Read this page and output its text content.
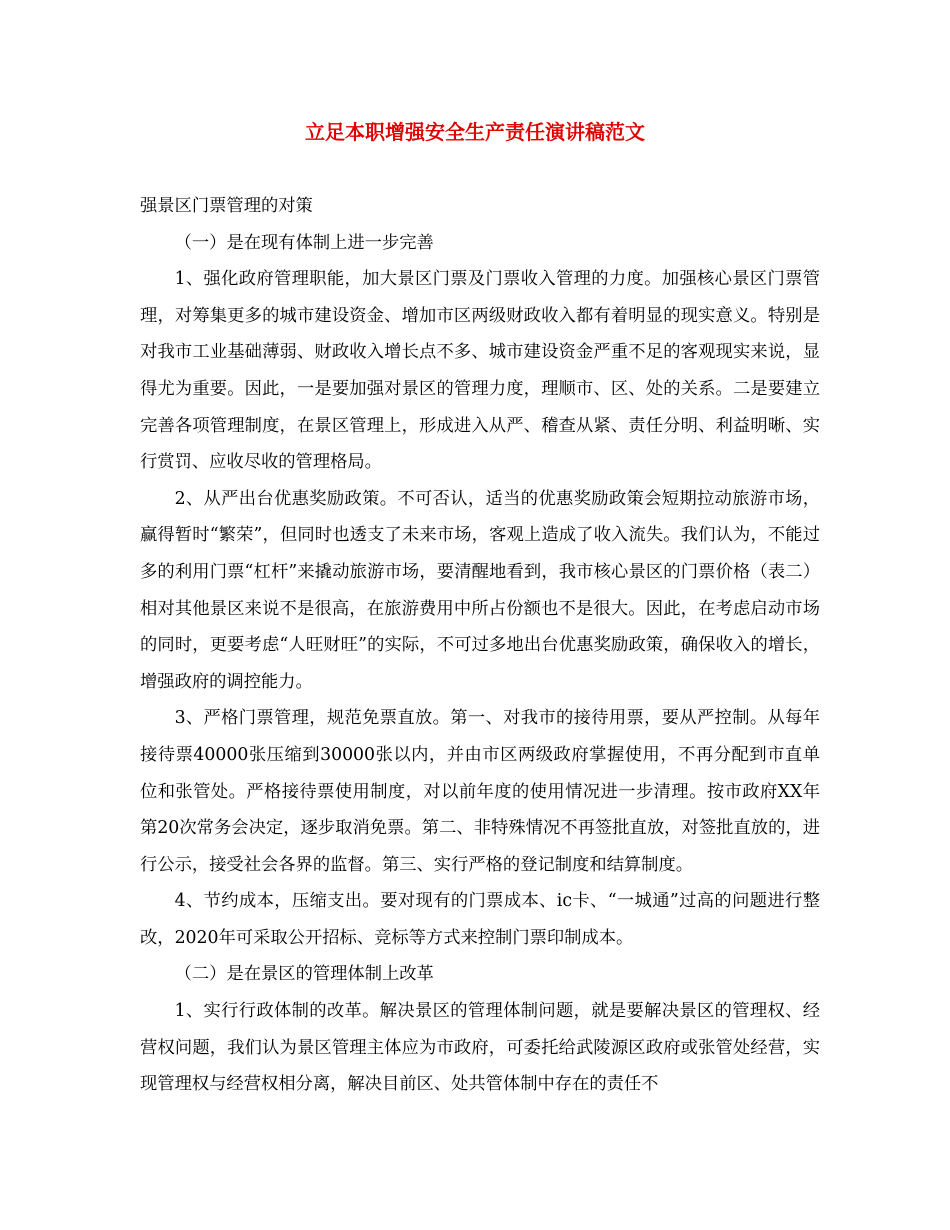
立足本职增强安全生产责任演讲稿范文

强景区门票管理的对策

（一）是在现有体制上进一步完善

1、强化政府管理职能，加大景区门票及门票收入管理的力度。加强核心景区门票管理，对筹集更多的城市建设资金、增加市区两级财政收入都有着明显的现实意义。特别是对我市工业基础薄弱、财政收入增长点不多、城市建设资金严重不足的客观现实来说，显得尤为重要。因此，一是要加强对景区的管理力度，理顺市、区、处的关系。二是要建立完善各项管理制度，在景区管理上，形成进入从严、稽查从紧、责任分明、利益明晰、实行赏罚、应收尽收的管理格局。

2、从严出台优惠奖励政策。不可否认，适当的优惠奖励政策会短期拉动旅游市场，赢得暂时“繁荣”，但同时也透支了未来市场，客观上造成了收入流失。我们认为，不能过多的利用门票“杠杆”来撬动旅游市场，要清醒地看到，我市核心景区的门票价格（表二）相对其他景区来说不是很高，在旅游费用中所占份额也不是很大。因此，在考虑启动市场的同时，更要考虑“人旺财旺”的实际，不可过多地出台优惠奖励政策，确保收入的增长，增强政府的调控能力。

3、严格门票管理，规范免票直放。第一、对我市的接待用票，要从严控制。从每年接待票40000张压缩到30000张以内，并由市区两级政府掌握使用，不再分配到市直单位和张管处。严格接待票使用制度，对以前年度的使用情况进一步清理。按市政府XX年第20次常务会决定，逐步取消免票。第二、非特殊情况不再签批直放，对签批直放的，进行公示，接受社会各界的监督。第三、实行严格的登记制度和结算制度。

4、节约成本，压缩支出。要对现有的门票成本、ic卡、“一城通”过高的问题进行整改，2020年可采取公开招标、竞标等方式来控制门票印制成本。

（二）是在景区的管理体制上改革

1、实行行政体制的改革。解决景区的管理体制问题，就是要解决景区的管理权、经营权问题，我们认为景区管理主体应为市政府，可委托给武陵源区政府或张管处经营，实现管理权与经营权相分离，解决目前区、处共管体制中存在的责任不
